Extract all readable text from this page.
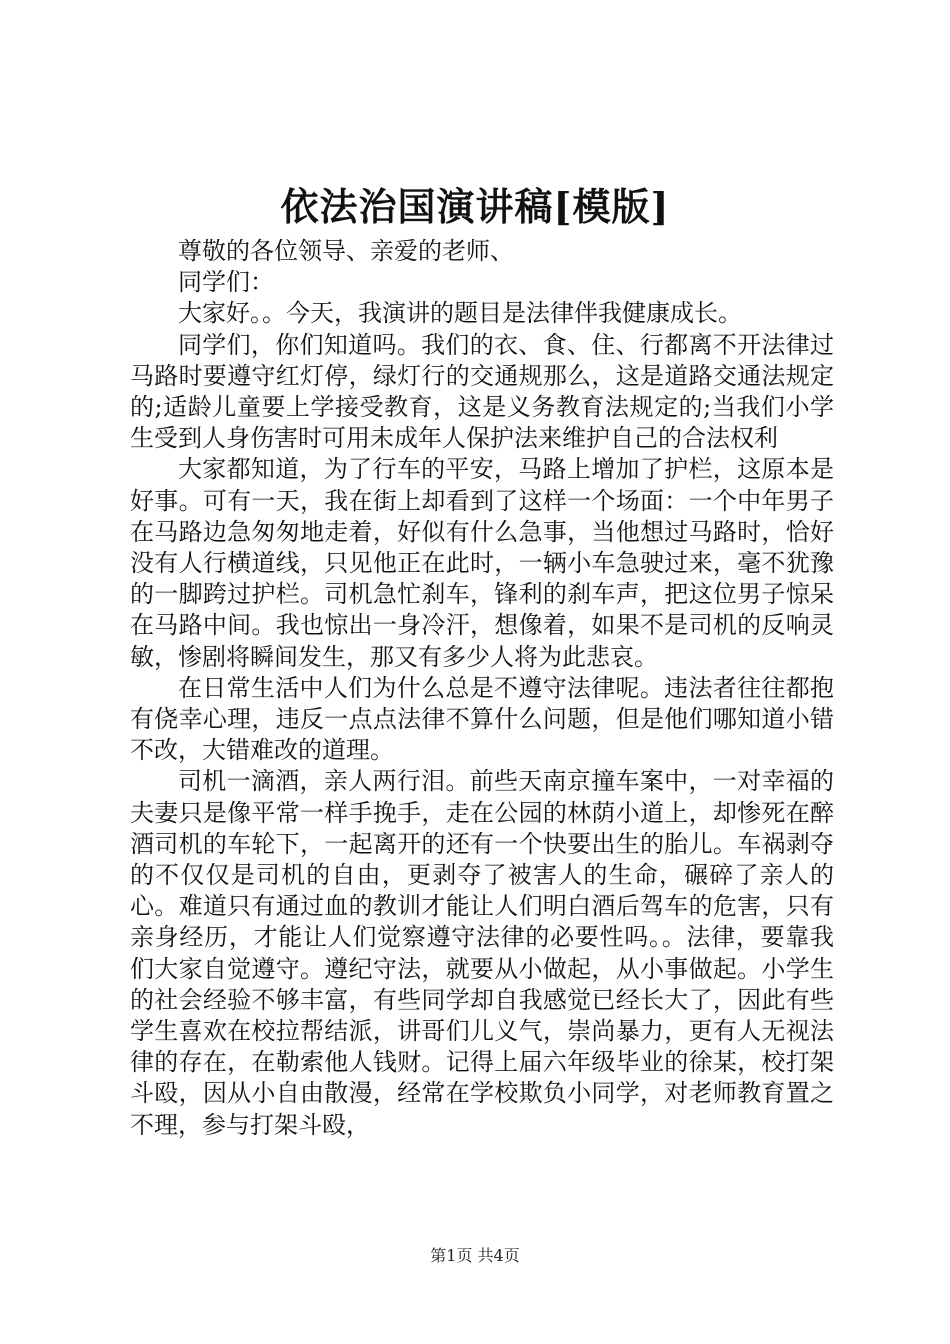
依法治国演讲稿[模版]

尊敬的各位领导、亲爱的老师、

同学们：

大家好。。今天，我演讲的题目是法律伴我健康成长。

同学们，你们知道吗。我们的衣、食、住、行都离不开法律过马路时要遵守红灯停，绿灯行的交通规那么，这是道路交通法规定的;适龄儿童要上学接受教育，这是义务教育法规定的;当我们小学生受到人身伤害时可用未成年人保护法来维护自己的合法权利

大家都知道，为了行车的平安，马路上增加了护栏，这原本是好事。可有一天，我在街上却看到了这样一个场面：一个中年男子在马路边急匆匆地走着，好似有什么急事，当他想过马路时，恰好没有人行横道线，只见他正在此时，一辆小车急驶过来，毫不犹豫的一脚跨过护栏。司机急忙刹车，锋利的刹车声，把这位男子惊呆在马路中间。我也惊出一身冷汗，想像着，如果不是司机的反响灵敏，惨剧将瞬间发生，那又有多少人将为此悲哀。

在日常生活中人们为什么总是不遵守法律呢。违法者往往都抱有侥幸心理，违反一点点法律不算什么问题，但是他们哪知道小错不改，大错难改的道理。

司机一滴酒，亲人两行泪。前些天南京撞车案中，一对幸福的夫妻只是像平常一样手挽手，走在公园的林荫小道上，却惨死在醉酒司机的车轮下，一起离开的还有一个快要出生的胎儿。车祸剥夺的不仅仅是司机的自由，更剥夺了被害人的生命，碾碎了亲人的心。难道只有通过血的教训才能让人们明白酒后驾车的危害，只有亲身经历，才能让人们觉察遵守法律的必要性吗。。法律，要靠我们大家自觉遵守。遵纪守法，就要从小做起，从小事做起。小学生的社会经验不够丰富，有些同学却自我感觉已经长大了，因此有些学生喜欢在校拉帮结派，讲哥们儿义气，崇尚暴力，更有人无视法律的存在，在勒索他人钱财。记得上届六年级毕业的徐某，校打架斗殴，因从小自由散漫，经常在学校欺负小同学，对老师教育置之不理，参与打架斗殴，

第1页 共4页
